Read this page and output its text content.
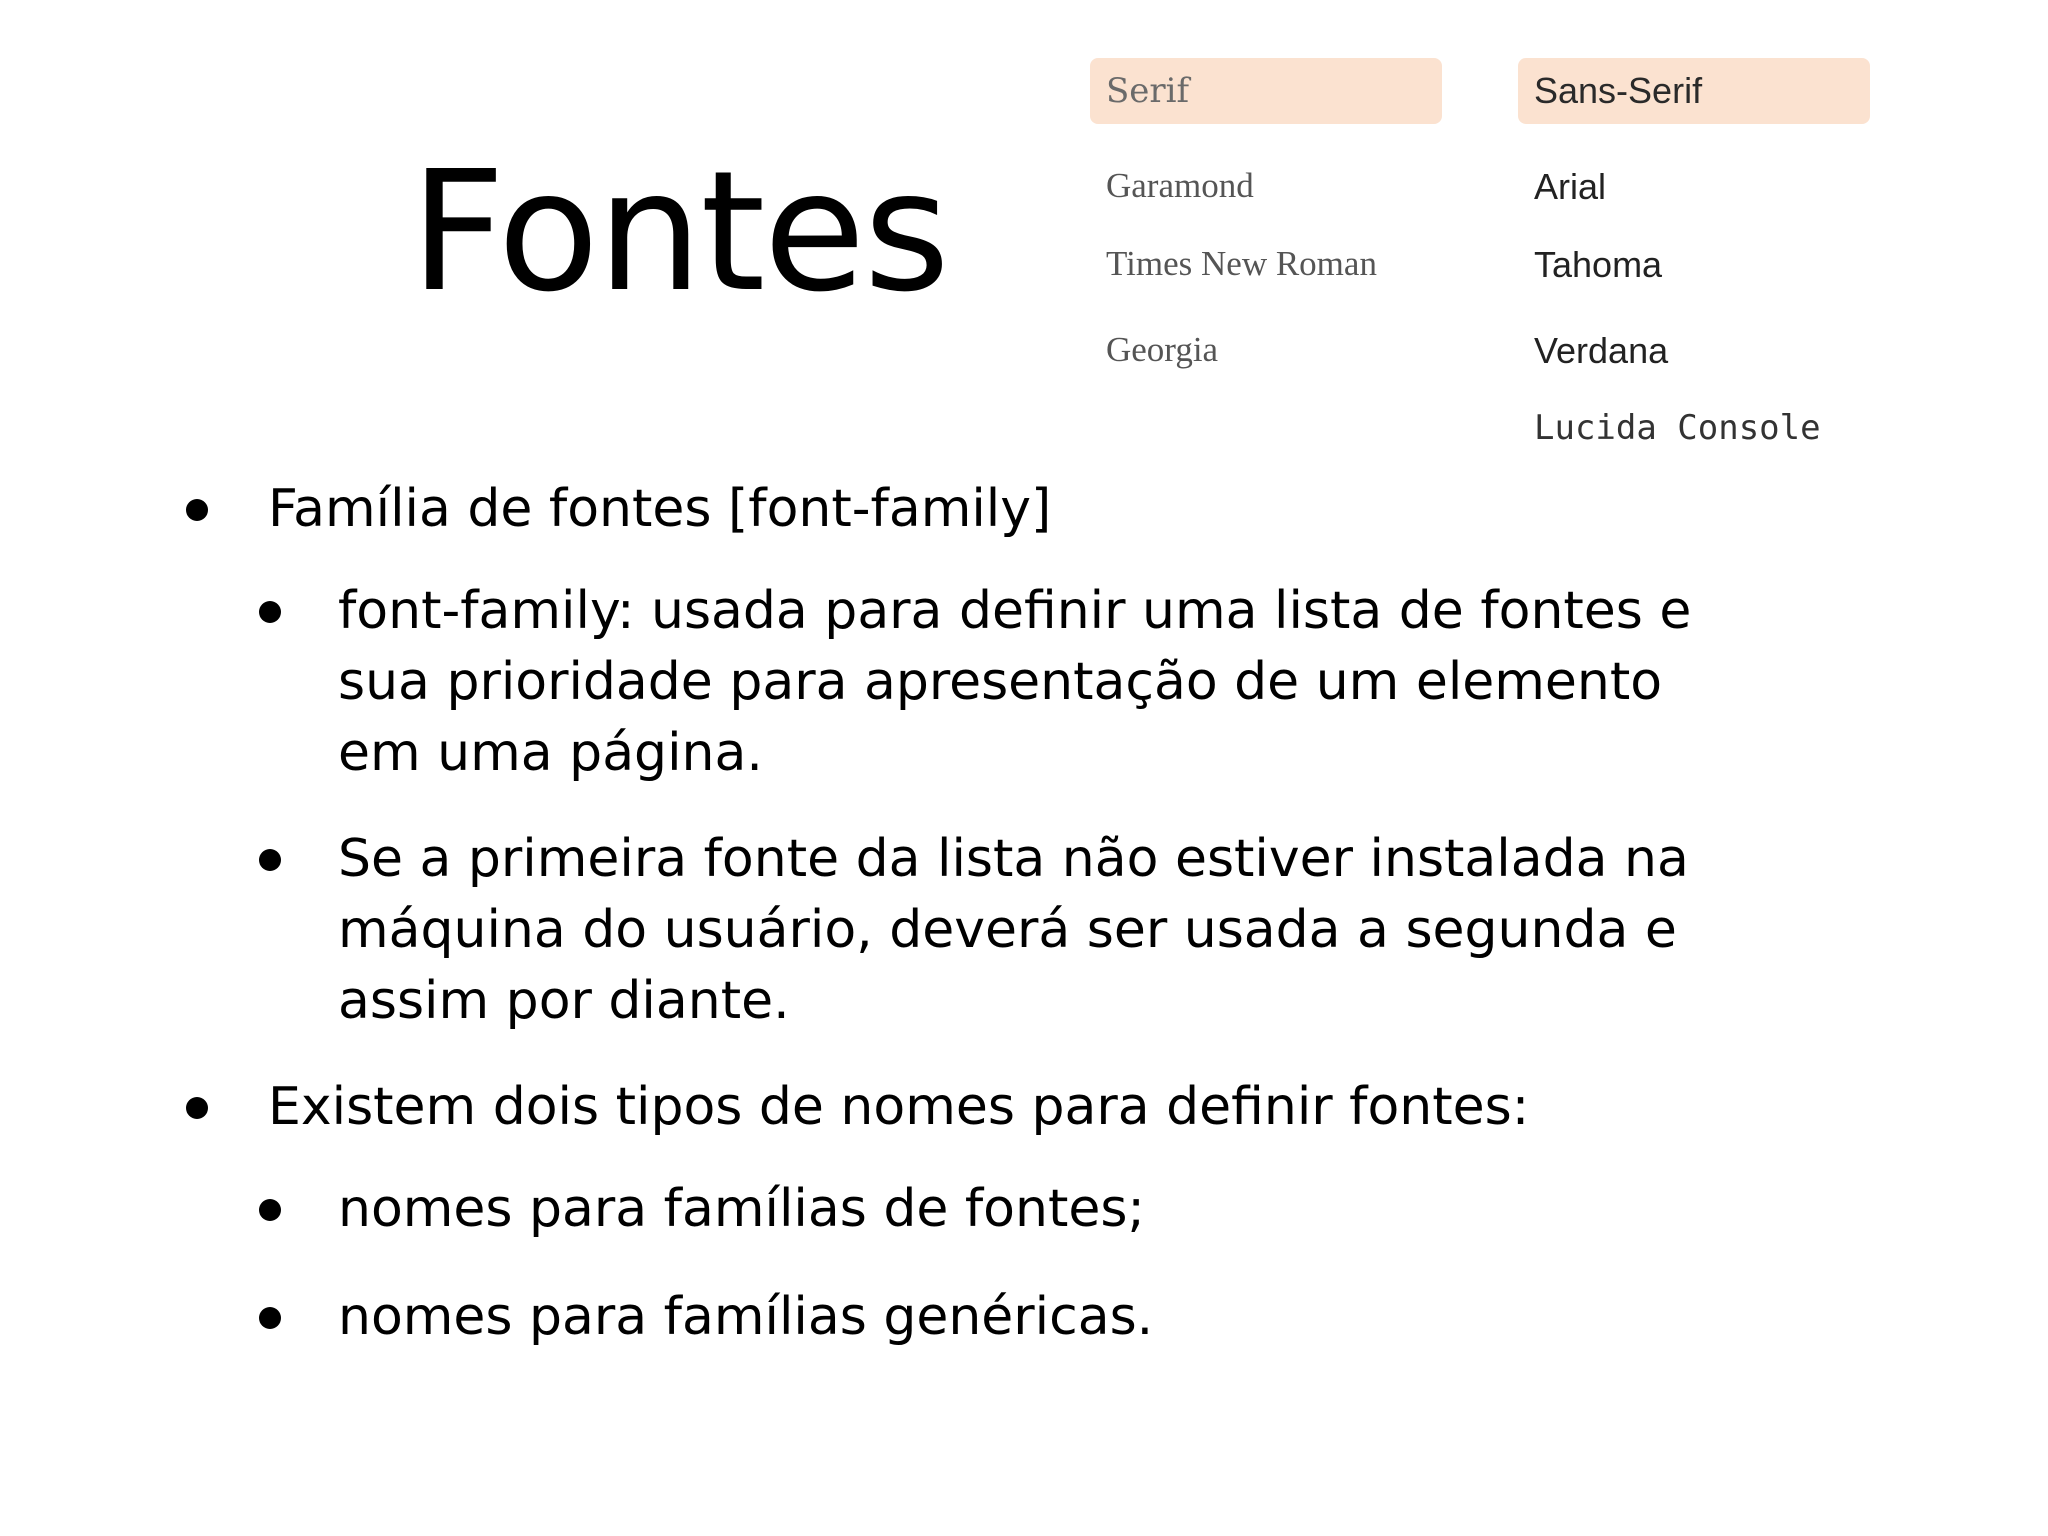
Fontes
Serif
Garamond
Times New Roman
Georgia
Sans-Serif
Arial
Tahoma
Verdana
Lucida Console
Família de fontes [font-family]
font-family: usada para definir uma lista de fontes e sua prioridade para apresentação de um elemento em uma página.
Se a primeira fonte da lista não estiver instalada na máquina do usuário, deverá ser usada a segunda e assim por diante.
Existem dois tipos de nomes para definir fontes:
nomes para famílias de fontes;
nomes para famílias genéricas.
